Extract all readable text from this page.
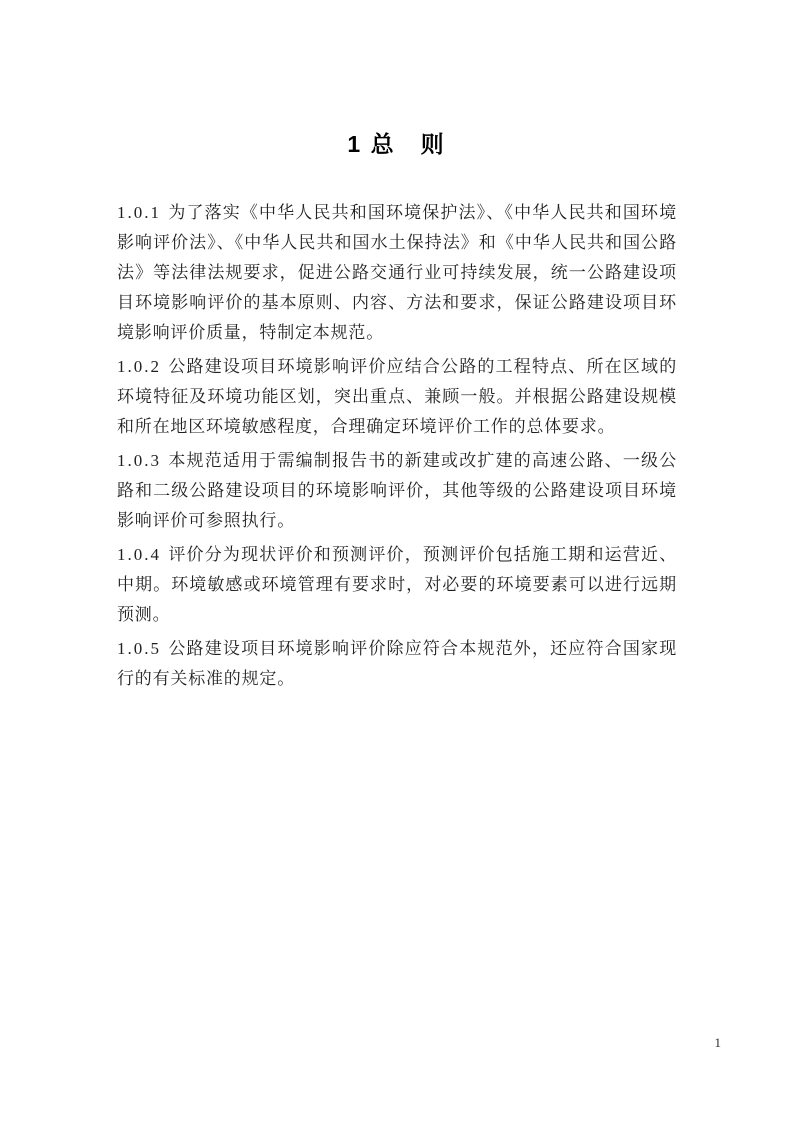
1 总　则

1.0.1 为了落实《中华人民共和国环境保护法》、《中华人民共和国环境影响评价法》、《中华人民共和国水土保持法》和《中华人民共和国公路法》等法律法规要求，促进公路交通行业可持续发展，统一公路建设项目环境影响评价的基本原则、内容、方法和要求，保证公路建设项目环境影响评价质量，特制定本规范。

1.0.2 公路建设项目环境影响评价应结合公路的工程特点、所在区域的环境特征及环境功能区划，突出重点、兼顾一般。并根据公路建设规模和所在地区环境敏感程度，合理确定环境评价工作的总体要求。

1.0.3 本规范适用于需编制报告书的新建或改扩建的高速公路、一级公路和二级公路建设项目的环境影响评价，其他等级的公路建设项目环境影响评价可参照执行。

1.0.4 评价分为现状评价和预测评价，预测评价包括施工期和运营近、中期。环境敏感或环境管理有要求时，对必要的环境要素可以进行远期预测。

1.0.5 公路建设项目环境影响评价除应符合本规范外，还应符合国家现行的有关标准的规定。

1
